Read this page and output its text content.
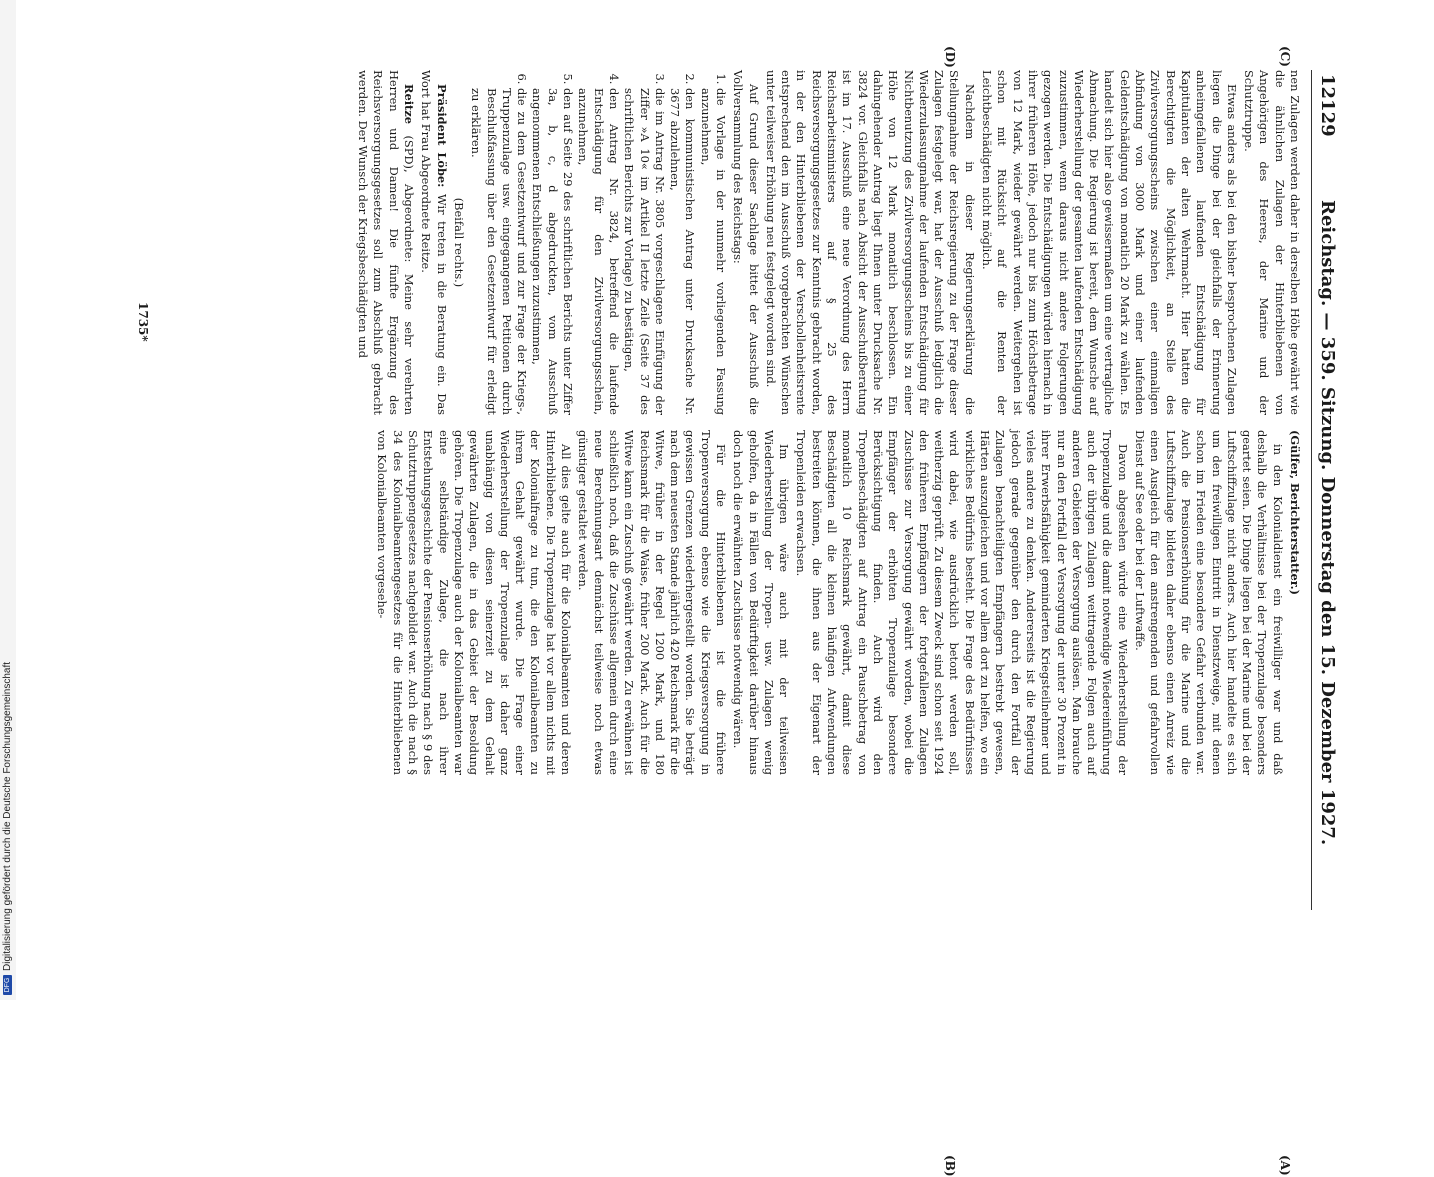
DFGDigitalisierung gefördert durch die Deutsche Forschungsgemeinschaft
12129
Reichstag. — 359. Sitzung. Donnerstag den 15. Dezember 1927.
(C)
(D)

nen Zulagen werden daher in derselben Höhe gewährt wie die ähnlichen Zulagen der Hinterbliebenen von Angehörigen des Heeres, der Marine und der Schutztruppe.

Etwas anders als bei den bisher besprochenen Zulagen liegen die Dinge bei der gleichfalls der Erinnerung anheimgefallenen laufenden Entschädigung für Kapitulanten der alten Wehrmacht. Hier hatten die Berechtigten die Möglichkeit, an Stelle des Zivilversorgungsscheins zwischen einer einmaligen Abfindung von 3000 Mark und einer laufenden Geldentschädigung von monatlich 20 Mark zu wählen. Es handelt sich hier also gewissermaßen um eine vertragliche Abmachung. Die Regierung ist bereit, dem Wunsche auf Wiederherstellung der gesamten laufenden Entschädigung zuzustimmen, wenn daraus nicht andere Folgerungen gezogen werden. Die Entschädigungen würden hiernach in ihrer früheren Höhe, jedoch nur bis zum Höchstbetrage von 12 Mark, wieder gewährt werden. Weitergehen ist schon mit Rücksicht auf die Renten der Leichtbeschädigten nicht möglich.

Nachdem in dieser Regierungserklärung die Stellungnahme der Reichsregierung zu der Frage dieser Zulagen festgelegt war, hat der Ausschuß lediglich die Wiederzulassungnahme der laufenden Entschädigung für Nichtbenutzung des Zivilversorgungsscheins bis zu einer Höhe von 12 Mark monatlich beschlossen. Ein dahingehender Antrag liegt Ihnen unter Drucksache Nr. 3824 vor. Gleichfalls nach Absicht der Ausschußberatung ist im 17. Ausschuß eine neue Verordnung des Herrn Reichsarbeitsministers auf § 25 des Reichsversorgungsgesetzes zur Kenntnis gebracht worden, in der den Hinterbliebenen der Verschollenheitsrente entsprechend den im Ausschuß vorgebrachten Wünschen unter teilweiser Erhöhung neu festgelegt worden sind.

Auf Grund dieser Sachlage bittet der Ausschuß die Vollversammlung des Reichstags:

1. die Vorlage in der nunmehr vorliegenden Fassung anzunehmen,
2. den kommunistischen Antrag unter Drucksache Nr. 3677 abzulehnen,
3. die im Antrag Nr. 3805 vorgeschlagene Einfügung der Ziffer »A 10« im Artikel II letzte Zeile (Seite 37 des schriftlichen Berichts zur Vorlage) zu bestätigen,
4. den Antrag Nr. 3824, betreffend die laufende Entschädigung für den Zivilversorgungsschein, anzunehmen,
5. den auf Seite 29 des schriftlichen Berichts unter Ziffer 3a, b, c, d abgedruckten, vom Ausschuß angenommenen Entschließungen zuzustimmen,
6. die zu dem Gesetzentwurf und zur Frage der Kriegs-, Truppenzulage usw. eingegangenen Petitionen durch Beschlußfassung über den Gesetzentwurf für erledigt zu erklären.

(Beifall rechts.)

Präsident Löbe: Wir treten in die Beratung ein. Das Wort hat Frau Abgeordnete Reitze.

Reitze (SPD), Abgeordnete: Meine sehr verehrten Herren und Damen! Die fünfte Ergänzung des Reichsversorgungsgesetzes soll zum Abschluß gebracht werden. Der Wunsch der Kriegsbeschädigten und

(A)
(B)

(Gülfer, Berichterstatter.)

in den Kolonialdienst ein freiwilliger war und daß deshalb die Verhältnisse bei der Tropenzulage besonders geartet seien. Die Dinge liegen bei der Marine und bei der Luftschiffzulage nicht anders. Auch hier handelte es sich um den freiwilligen Eintritt in Dienstzweige, mit denen schon im Frieden eine besondere Gefahr verbunden war. Auch die Pensionserhöhung für die Marine und die Luftschiffzulage bildeten daher ebenso einen Anreiz wie einen Ausgleich für den anstrengenden und gefahrvollen Dienst auf See oder bei der Luftwaffe.

Davon abgesehen würde eine Wiederherstellung der Tropenzulage und die damit notwendige Wiedereinführung auch der übrigen Zulagen weittragende Folgen auch auf anderen Gebieten der Versorgung auslösen. Man brauche nur an den Fortfall der Versorgung der unter 30 Prozent in ihrer Erwerbsfähigkeit geminderten Kriegsteilnehmer und vieles andere zu denken. Andererseits ist die Regierung jedoch gerade gegenüber den durch den Fortfall der Zulagen benachteiligten Empfängern bestrebt gewesen, Härten auszugleichen und vor allem dort zu helfen, wo ein wirkliches Bedürfnis besteht. Die Frage des Bedürfnisses wird dabei, wie ausdrücklich betont werden soll, weitherzig geprüft. Zu diesem Zweck sind schon seit 1924 den früheren Empfängern der fortgefallenen Zulagen Zuschüsse zur Versorgung gewährt worden, wobei die Empfänger der erhöhten Tropenzulage besondere Berücksichtigung finden. Auch wird den Tropenbeschädigten auf Antrag ein Pauschbetrag von monatlich 10 Reichsmark gewährt, damit diese Beschädigten all die kleinen häufigen Aufwendungen bestreiten können, die ihnen aus der Eigenart der Tropenleiden erwachsen.

Im übrigen wäre auch mit der teilweisen Wiederherstellung der Tropen- usw. Zulagen wenig geholfen, da in Fällen von Bedürftigkeit darüber hinaus doch noch die erwähnten Zuschüsse notwendig wären.

Für die Hinterbliebenen ist die frühere Tropenversorgung ebenso wie die Kriegsversorgung in gewissen Grenzen wiederhergestellt worden. Sie beträgt nach dem neuesten Stande jährlich 420 Reichsmark für die Witwe, früher in der Regel 1200 Mark, und 180 Reichsmark für die Waise, früher 200 Mark. Auch für die Witwe kann ein Zuschuß gewährt werden. Zu erwähnen ist schließlich noch, daß die Zuschüsse allgemein durch eine neue Berechnungsart demnächst teilweise noch etwas günstiger gestaltet werden.

All dies gelte auch für die Kolonialbeamten und deren Hinterbliebene. Die Tropenzulage hat vor allem nichts mit der Kolonialfrage zu tun, die den Kolonialbeamten zu ihrem Gehalt gewährt wurde. Die Frage einer Wiederherstellung der Tropenzulage ist daher ganz unabhängig von diesen seinerzeit zu dem Gehalt gewährten Zulagen, die in das Gebiet der Besoldung gehören. Die Tropenzulage auch der Kolonialbeamten war eine selbständige Zulage, die nach ihrer Entstehungsgeschichte der Pensionserhöhung nach § 9 des Schutztruppengesetzes nachgebildet war. Auch die nach § 34 des Kolonialbeamtengesetzes für die Hinterbliebenen von Kolonialbeamten vorgesehe-

1735*
